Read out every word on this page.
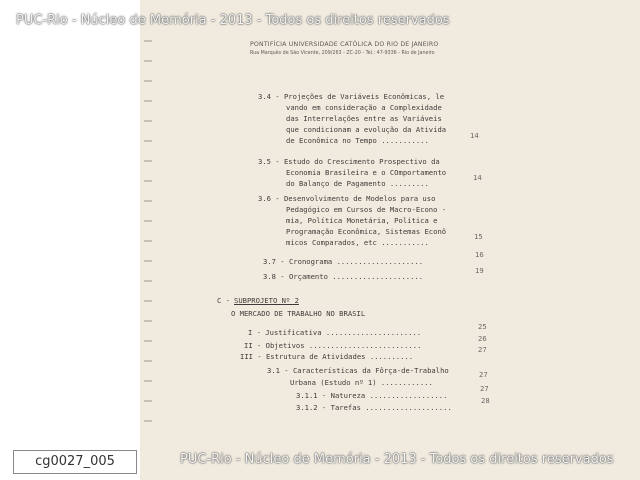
PONTIFÍCIA UNIVERSIDADE CATÓLICA DO RIO DE JANEIRO
Rua Marquês de São Vicente, 209/263 - ZC-20 - Tel.: 47-9336 - Rio de Janeiro
3.4 - Projeções de Variáveis Econômicas, le
vando em consideração a Complexidade
das Interrelações entre as Variáveis
que condicionam a evolução da Ativida
de Econômica no Tempo ...........
14
3.5 - Estudo do Crescimento Prospectivo da
Economia Brasileira e o COmportamento
do Balanço de Pagamento .........
14
3.6 - Desenvolvimento de Modelos para uso
Pedagógico em Cursos de Macro-Econo -
mia, Política Monetária, Política e
Programação Econômica, Sistemas Econô
micos Comparados, etc ...........
15
3.7 - Cronograma ....................
16
3.8 - Orçamento .....................
19
C - SUBPROJETO Nº 2
O MERCADO DE TRABALHO NO BRASIL
I - Justificativa ......................
25
II - Objetivos ..........................
26
III - Estrutura de Atividades ..........
27
3.1 - Características da Fôrça-de-Trabalho	27
Urbana (Estudo nº 1) ............
27
3.1.1 - Natureza ..................
3.1.2 - Tarefas ....................
28
PUC-Rio - Núcleo de Memória - 2013 - Todos os direitos reservados
PUC-Rio - Núcleo de Memória - 2013 - Todos os direitos reservados
cg0027_005
